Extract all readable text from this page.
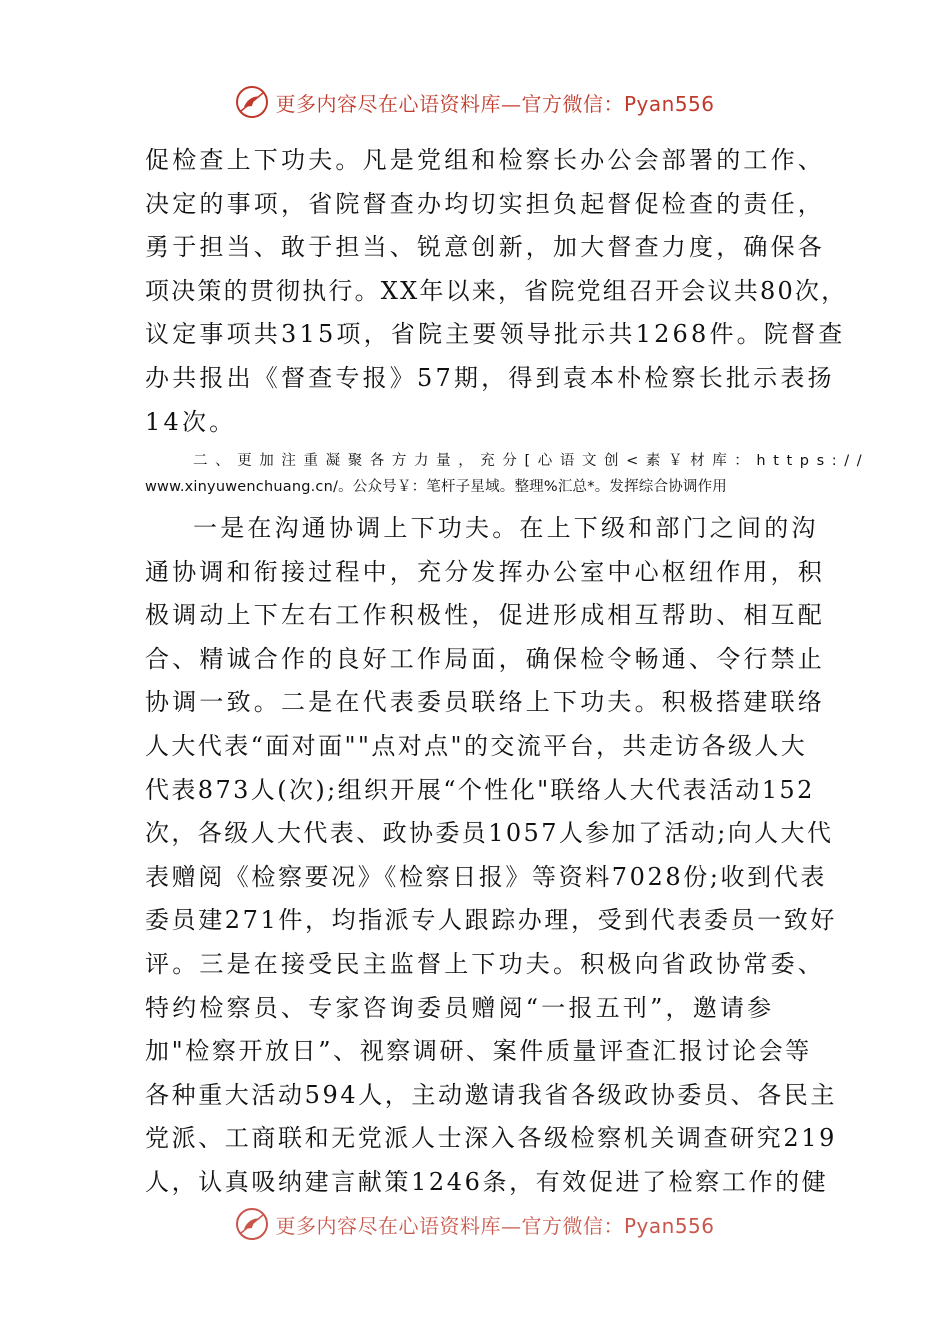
更多内容尽在心语资料库—官方微信：Pyan556
促检查上下功夫。凡是党组和检察长办公会部署的工作、
决定的事项，省院督查办均切实担负起督促检查的责任，
勇于担当、敢于担当、锐意创新，加大督查力度，确保各
项决策的贯彻执行。XX年以来，省院党组召开会议共80次，
议定事项共315项，省院主要领导批示共1268件。院督查
办共报出《督查专报》57期，得到袁本朴检察长批示表扬
14次。
二、更加注重凝聚各方力量，充分[心语文创<素￥材库：https://
www.xinyuwenchuang.cn/。公众号￥：笔杆子星域。整理%汇总*。发挥综合协调作用
一是在沟通协调上下功夫。在上下级和部门之间的沟
通协调和衔接过程中，充分发挥办公室中心枢纽作用，积
极调动上下左右工作积极性，促进形成相互帮助、相互配
合、精诚合作的良好工作局面，确保检令畅通、令行禁止
协调一致。二是在代表委员联络上下功夫。积极搭建联络
人大代表“面对面""点对点"的交流平台，共走访各级人大
代表873人(次);组织开展“个性化"联络人大代表活动152
次，各级人大代表、政协委员1057人参加了活动;向人大代
表赠阅《检察要况》《检察日报》等资料7028份;收到代表
委员建271件，均指派专人跟踪办理，受到代表委员一致好
评。三是在接受民主监督上下功夫。积极向省政协常委、
特约检察员、专家咨询委员赠阅“一报五刊”，邀请参
加"检察开放日”、视察调研、案件质量评查汇报讨论会等
各种重大活动594人，主动邀请我省各级政协委员、各民主
党派、工商联和无党派人士深入各级检察机关调查研究219
人，认真吸纳建言献策1246条，有效促进了检察工作的健
更多内容尽在心语资料库—官方微信：Pyan556
